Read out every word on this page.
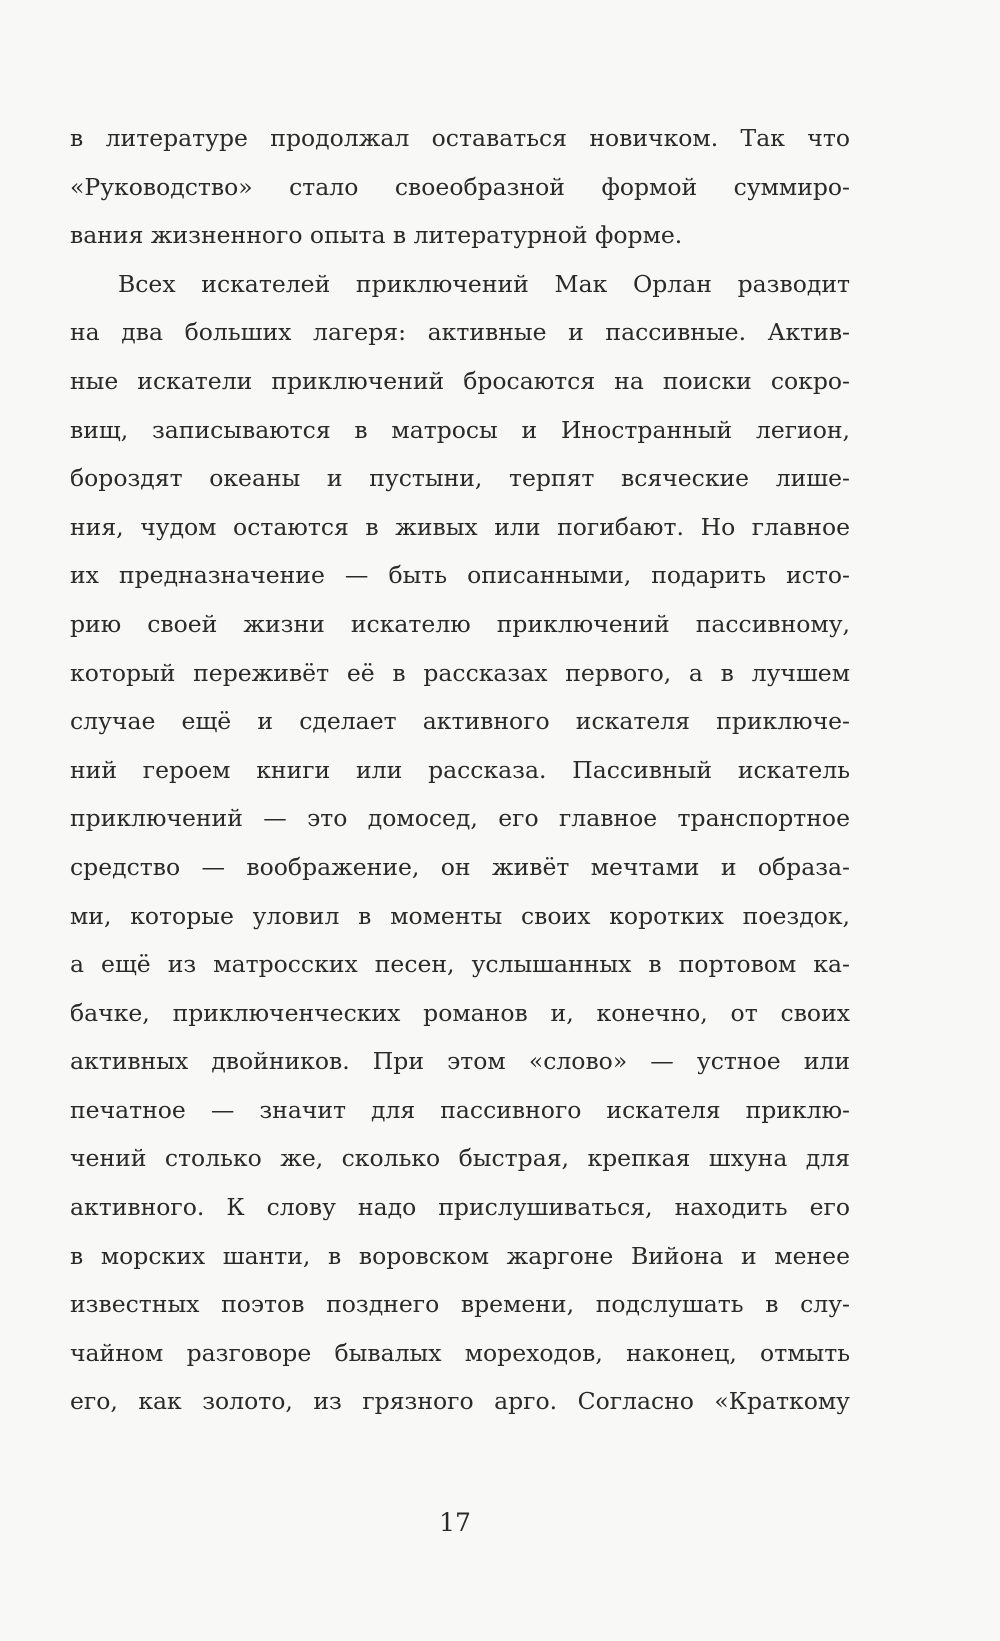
в литературе продолжал оставаться новичком. Так что
«Руководство» стало своеобразной формой суммиро-
вания жизненного опыта в литературной форме.
Всех искателей приключений Мак Орлан разводит
на два больших лагеря: активные и пассивные. Актив-
ные искатели приключений бросаются на поиски сокро-
вищ, записываются в матросы и Иностранный легион,
бороздят океаны и пустыни, терпят всяческие лише-
ния, чудом остаются в живых или погибают. Но главное
их предназначение — быть описанными, подарить исто-
рию своей жизни искателю приключений пассивному,
который переживёт её в рассказах первого, а в лучшем
случае ещё и сделает активного искателя приключе-
ний героем книги или рассказа. Пассивный искатель
приключений — это домосед, его главное транспортное
средство — воображение, он живёт мечтами и образа-
ми, которые уловил в моменты своих коротких поездок,
а ещё из матросских песен, услышанных в портовом ка-
бачке, приключенческих романов и, конечно, от своих
активных двойников. При этом «слово» — устное или
печатное — значит для пассивного искателя приклю-
чений столько же, сколько быстрая, крепкая шхуна для
активного. К слову надо прислушиваться, находить его
в морских шанти, в воровском жаргоне Вийона и менее
известных поэтов позднего времени, подслушать в слу-
чайном разговоре бывалых мореходов, наконец, отмыть
его, как золото, из грязного арго. Согласно «Краткому
17
